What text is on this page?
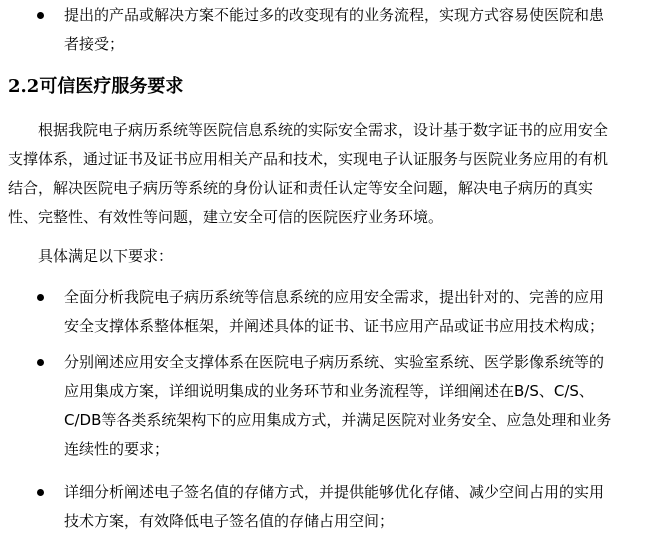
提出的产品或解决方案不能过多的改变现有的业务流程，实现方式容易使医院和患
者接受；
2.2可信医疗服务要求
根据我院电子病历系统等医院信息系统的实际安全需求，设计基于数字证书的应用安全
支撑体系，通过证书及证书应用相关产品和技术，实现电子认证服务与医院业务应用的有机
结合，解决医院电子病历等系统的身份认证和责任认定等安全问题，解决电子病历的真实
性、完整性、有效性等问题，建立安全可信的医院医疗业务环境。
具体满足以下要求：
全面分析我院电子病历系统等信息系统的应用安全需求，提出针对的、完善的应用
安全支撑体系整体框架，并阐述具体的证书、证书应用产品或证书应用技术构成；
分别阐述应用安全支撑体系在医院电子病历系统、实验室系统、医学影像系统等的
应用集成方案，详细说明集成的业务环节和业务流程等，详细阐述在B/S、C/S、
C/DB等各类系统架构下的应用集成方式，并满足医院对业务安全、应急处理和业务
连续性的要求；
详细分析阐述电子签名值的存储方式，并提供能够优化存储、减少空间占用的实用
技术方案，有效降低电子签名值的存储占用空间；
